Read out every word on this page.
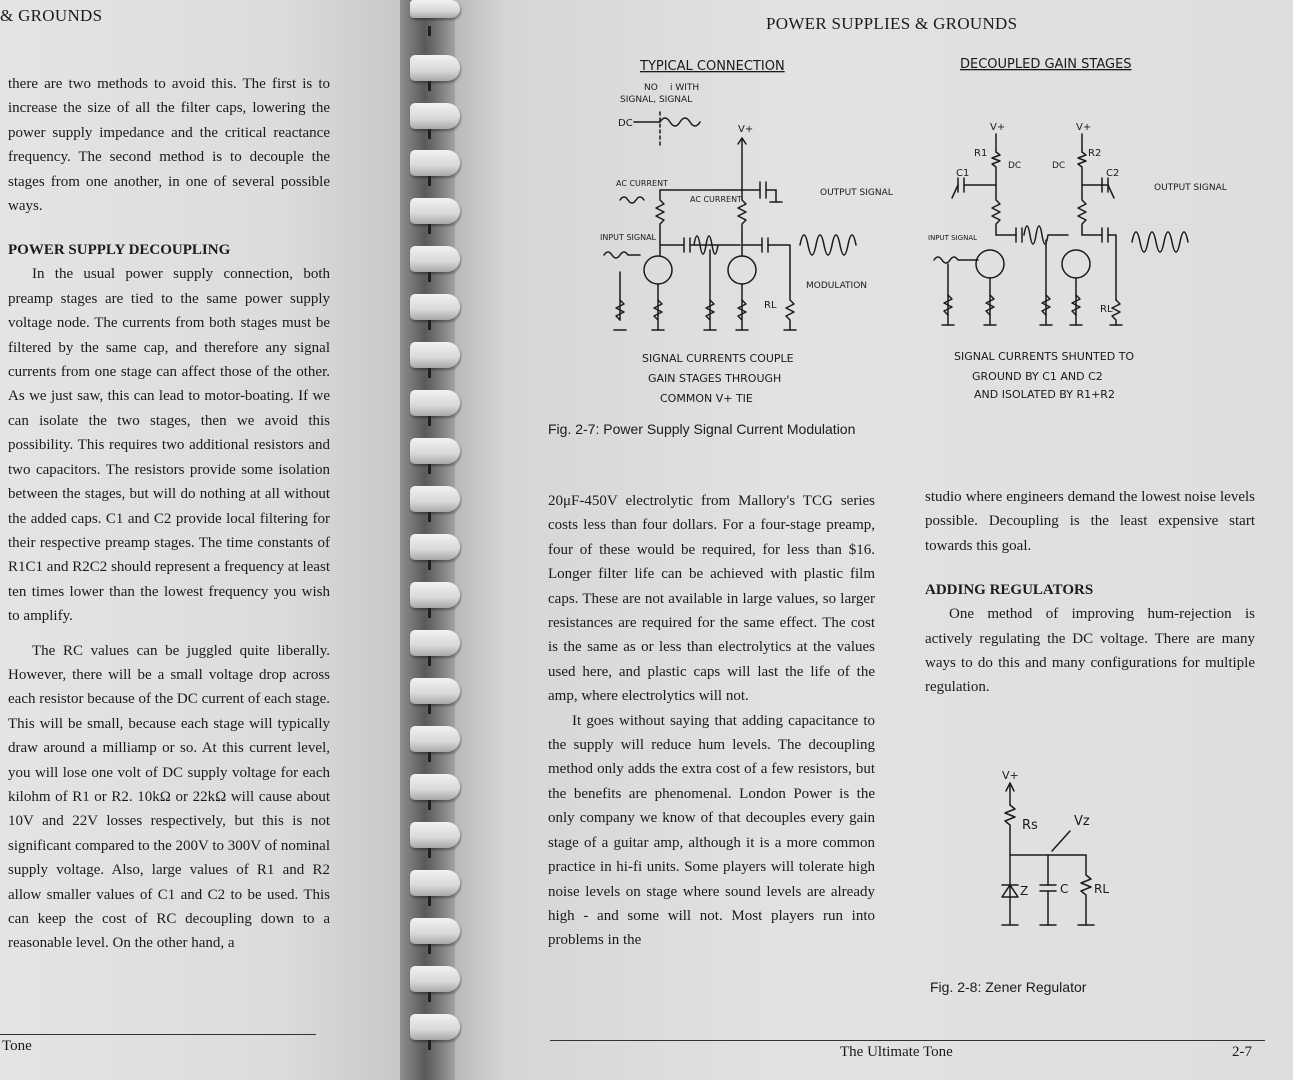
& GROUNDS

there are two methods to avoid this. The first is to increase the size of all the filter caps, lowering the power supply impedance and the critical reactance frequency. The second method is to decouple the stages from one another, in one of several possible ways.

POWER SUPPLY DECOUPLING

In the usual power supply connection, both preamp stages are tied to the same power supply voltage node. The currents from both stages must be filtered by the same cap, and therefore any signal currents from one stage can affect those of the other. As we just saw, this can lead to motor-boating. If we can isolate the two stages, then we avoid this possibility. This requires two additional resistors and two capacitors. The resistors provide some isolation between the stages, but will do nothing at all without the added caps. C1 and C2 provide local filtering for their respective preamp stages. The time constants of R1C1 and R2C2 should represent a frequency at least ten times lower than the lowest frequency you wish to amplify.

The RC values can be juggled quite liberally. However, there will be a small voltage drop across each resistor because of the DC current of each stage. This will be small, because each stage will typically draw around a milliamp or so. At this current level, you will lose one volt of DC supply voltage for each kilohm of R1 or R2. 10kΩ or 22kΩ will cause about 10V and 22V losses respectively, but this is not significant compared to the 200V to 300V of nominal supply voltage. Also, large values of R1 and R2 allow smaller values of C1 and C2 to be used. This can keep the cost of RC decoupling down to a reasonable level. On the other hand, a

Tone
POWER SUPPLIES & GROUNDS
TYPICAL CONNECTION
NO i WITH
SIGNAL, SIGNAL
DC
V+
AC CURRENT
AC CURRENT
OUTPUT SIGNAL
INPUT SIGNAL
RL
MODULATION
SIGNAL CURRENTS COUPLE
GAIN STAGES THROUGH
COMMON V+ TIE
DECOUPLED GAIN STAGES
V+	V+
R1	R2
DC	DC
C1	C2
OUTPUT SIGNAL
INPUT SIGNAL
RL
SIGNAL CURRENTS SHUNTED TO
GROUND BY C1 AND C2
AND ISOLATED BY R1+R2
Fig. 2-7: Power Supply Signal Current Modulation

20μF-450V electrolytic from Mallory's TCG series costs less than four dollars. For a four-stage preamp, four of these would be required, for less than $16. Longer filter life can be achieved with plastic film caps. These are not available in large values, so larger resistances are required for the same effect. The cost is the same as or less than electrolytics at the values used here, and plastic caps will last the life of the amp, where electrolytics will not.

It goes without saying that adding capacitance to the supply will reduce hum levels. The decoupling method only adds the extra cost of a few resistors, but the benefits are phenomenal. London Power is the only company we know of that decouples every gain stage of a guitar amp, although it is a more common practice in hi-fi units. Some players will tolerate high noise levels on stage where sound levels are already high - and some will not. Most players run into problems in the

studio where engineers demand the lowest noise levels possible. Decoupling is the least expensive start towards this goal.

ADDING REGULATORS

One method of improving hum-rejection is actively regulating the DC voltage. There are many ways to do this and many configurations for multiple regulation.

V+
Rs	Vz
Z	C RL
Fig. 2-8: Zener Regulator
The Ultimate Tone	2-7
